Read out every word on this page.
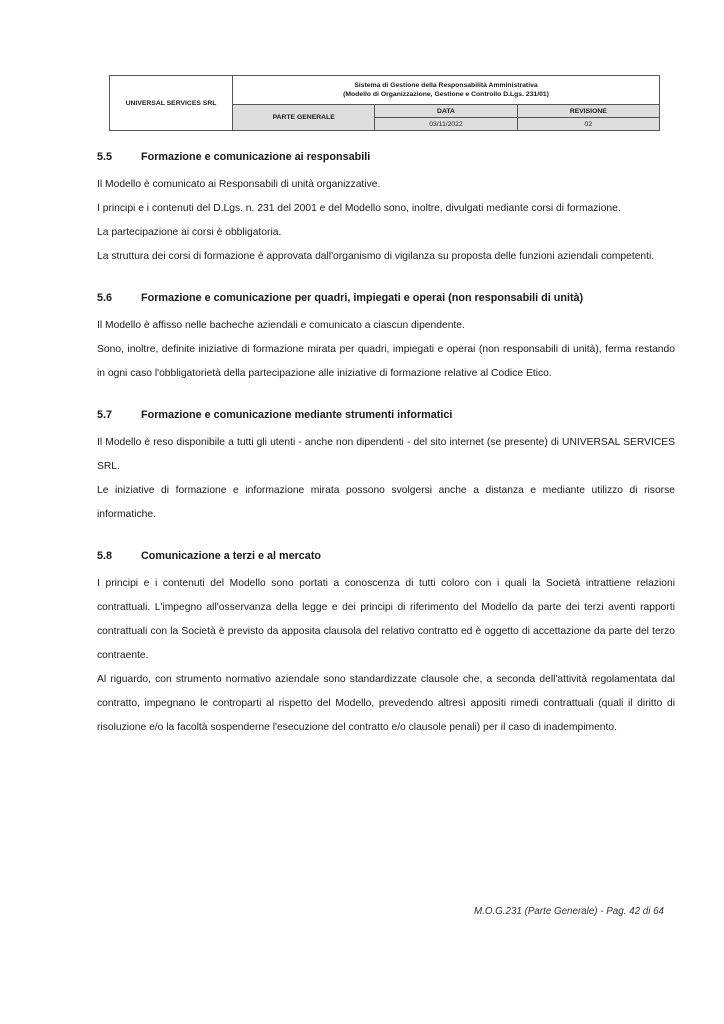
UNIVERSAL SERVICES SRL	Sistema di Gestione della Responsabilità Amministrativa
(Modello di Organizzazione, Gestione e Controllo D.Lgs. 231/01)		

	PARTE GENERALE	DATA	REVISIONE
		03/11/2022	02

5.5	Formazione e comunicazione ai responsabili

Il Modello è comunicato ai Responsabili di unità organizzative.

I principi e i contenuti del D.Lgs. n. 231 del 2001 e del Modello sono, inoltre, divulgati mediante corsi di formazione.

La partecipazione ai corsi è obbligatoria.

La struttura dei corsi di formazione è approvata dall'organismo di vigilanza su proposta delle funzioni aziendali competenti.

5.6	Formazione e comunicazione per quadri, impiegati e operai (non responsabili di unità)

Il Modello è affisso nelle bacheche aziendali e comunicato a ciascun dipendente.

Sono, inoltre, definite iniziative di formazione mirata per quadri, impiegati e operai (non responsabili di unità), ferma restando in ogni caso l'obbligatorietà della partecipazione alle iniziative di formazione relative al Codice Etico.

5.7	Formazione e comunicazione mediante strumenti informatici

Il Modello è reso disponibile a tutti gli utenti - anche non dipendenti - del sito internet (se presente) di UNIVERSAL SERVICES SRL.

Le iniziative di formazione e informazione mirata possono svolgersi anche a distanza e mediante utilizzo di risorse informatiche.

5.8	Comunicazione a terzi e al mercato

I principi e i contenuti del Modello sono portati a conoscenza di tutti coloro con i quali la Società intrattiene relazioni contrattuali. L'impegno all'osservanza della legge e dei principi di riferimento del Modello da parte dei terzi aventi rapporti contrattuali con la Società è previsto da apposita clausola del relativo contratto ed è oggetto di accettazione da parte del terzo contraente.

Al riguardo, con strumento normativo aziendale sono standardizzate clausole che, a seconda dell'attività regolamentata dal contratto, impegnano le controparti al rispetto del Modello, prevedendo altresì appositi rimedi contrattuali (quali il diritto di risoluzione e/o la facoltà sospenderne l'esecuzione del contratto e/o clausole penali) per il caso di inadempimento.

M.O.G.231 (Parte Generale) - Pag. 42 di 64
